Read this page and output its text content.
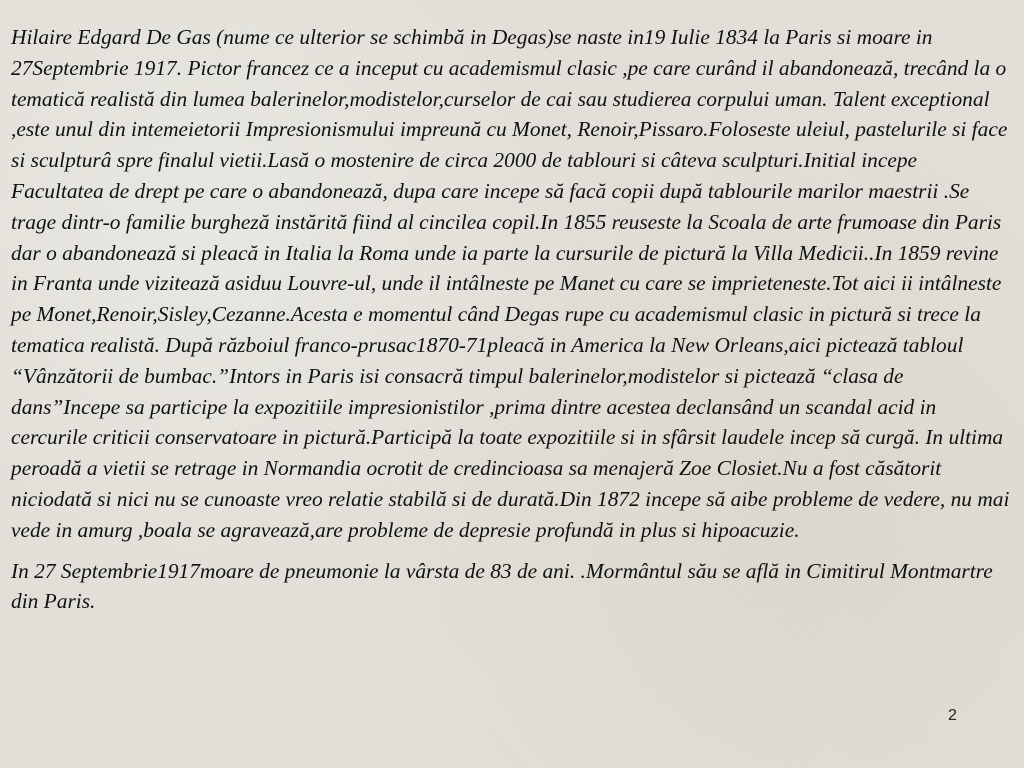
Hilaire Edgard De Gas (nume ce ulterior se schimbă in Degas)se naste in19 Iulie 1834 la Paris si moare in 27Septembrie 1917. Pictor francez ce a inceput cu academismul clasic ,pe care curând il abandonează, trecând la o tematică realistă din lumea balerinelor,modistelor,curselor de cai sau studierea corpului uman. Talent exceptional ,este unul din intemeietorii Impresionismului impreună cu Monet, Renoir,Pissaro.Foloseste uleiul, pastelurile si face si sculpturâ spre finalul vietii.Lasă o mostenire de circa 2000 de tablouri si câteva sculpturi.Initial incepe Facultatea de drept pe care o abandonează, dupa care incepe să facă copii după tablourile marilor maestrii .Se trage dintr-o familie burgheză instărită fiind al cincilea copil.In 1855 reuseste la Scoala de arte frumoase din Paris dar o abandonează si pleacă in Italia la Roma unde ia parte la cursurile de pictură la Villa Medicii..In 1859 revine in Franta unde vizitează asiduu Louvre-ul, unde il intâlneste pe Manet cu care se imprieteneste.Tot aici ii intâlneste pe Monet,Renoir,Sisley,Cezanne.Acesta e momentul când Degas rupe cu academismul clasic in pictură si trece la tematica realistă. După războiul franco-prusac1870-71pleacă in America la New Orleans,aici pictează tabloul “Vânzătorii de bumbac.”Intors in Paris isi consacră timpul balerinelor,modistelor si pictează “clasa de dans”Incepe sa participe la expozitiile impresionistilor ,prima dintre acestea declansând un scandal acid in cercurile criticii conservatoare in pictură.Participă la toate expozitiile si in sfârsit laudele incep să curgă. In ultima peroadă a vietii se retrage in Normandia ocrotit de credincioasa sa menajeră Zoe Closiet.Nu a fost căsătorit niciodată si nici nu se cunoaste vreo relatie stabilă si de durată.Din 1872 incepe să aibe probleme de vedere, nu mai vede in amurg ,boala se agravează,are probleme de depresie profundă in plus si hipoacuzie.

In 27 Septembrie1917moare de pneumonie la vârsta de 83 de ani. .Mormântul său se află in Cimitirul Montmartre din Paris.

2
